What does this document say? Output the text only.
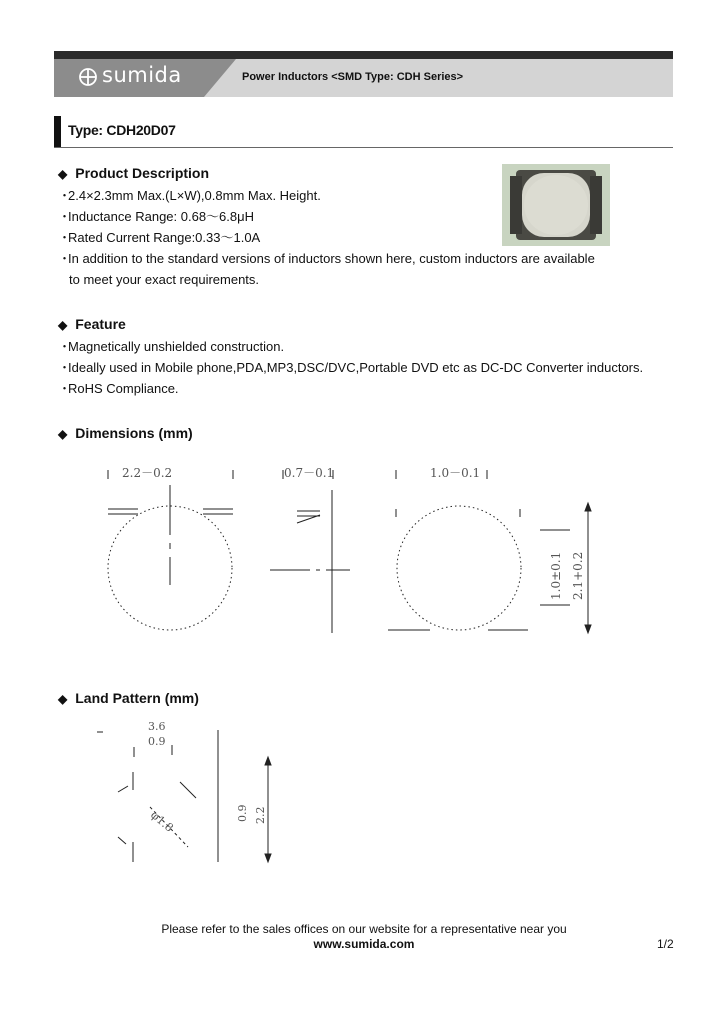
sumida	Power Inductors <SMD Type: CDH Series>
Type: CDH20D07
◆ Product Description
・2.4×2.3mm Max.(L×W),0.8mm Max. Height.
・Inductance Range: 0.68～6.8μH
・Rated Current Range:0.33～1.0A
・In addition to the standard versions of inductors shown here, custom inductors are available
to meet your exact requirements.
◆ Feature
・Magnetically unshielded construction.
・Ideally used in Mobile phone,PDA,MP3,DSC/DVC,Portable DVD etc as DC-DC Converter inductors.
・RoHS Compliance.
◆ Dimensions (mm)
2.2－0.2	0.7－0.1	1.0－0.1
1.0±0.1 2.1+0.2
◆ Land Pattern (mm)
3.6
0.9
φ1.8	0.9 2.2
Please refer to the sales offices on our website for a representative near you
www.sumida.com	1/2
